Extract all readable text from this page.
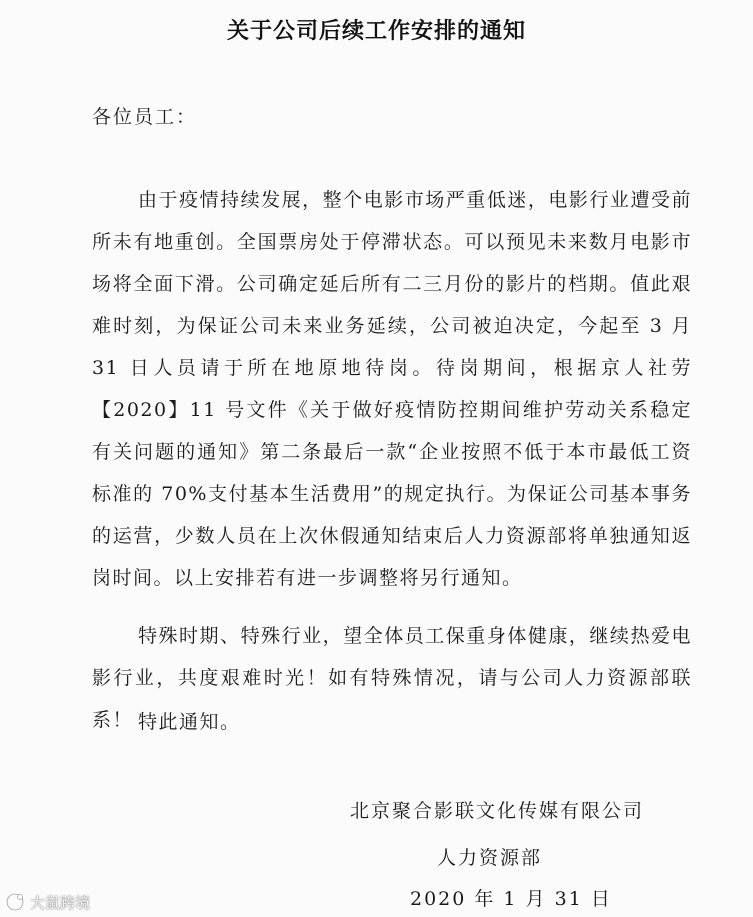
关于公司后续工作安排的通知
各位员工：
由于疫情持续发展，整个电影市场严重低迷，电影行业遭受前所未有地重创。全国票房处于停滞状态。可以预见未来数月电影市场将全面下滑。公司确定延后所有二三月份的影片的档期。值此艰难时刻，为保证公司未来业务延续，公司被迫决定，今起至 3 月 31 日人员请于所在地原地待岗。待岗期间，根据京人社劳【2020】11 号文件《关于做好疫情防控期间维护劳动关系稳定有关问题的通知》第二条最后一款“企业按照不低于本市最低工资标准的 70%支付基本生活费用”的规定执行。为保证公司基本事务的运营，少数人员在上次休假通知结束后人力资源部将单独通知返岗时间。以上安排若有进一步调整将另行通知。
特殊时期、特殊行业，望全体员工保重身体健康，继续热爱电影行业，共度艰难时光！如有特殊情况，请与公司人力资源部联系！ 特此通知。
北京聚合影联文化传媒有限公司
人力资源部
2020 年 1 月 31 日
大鼠跨境
